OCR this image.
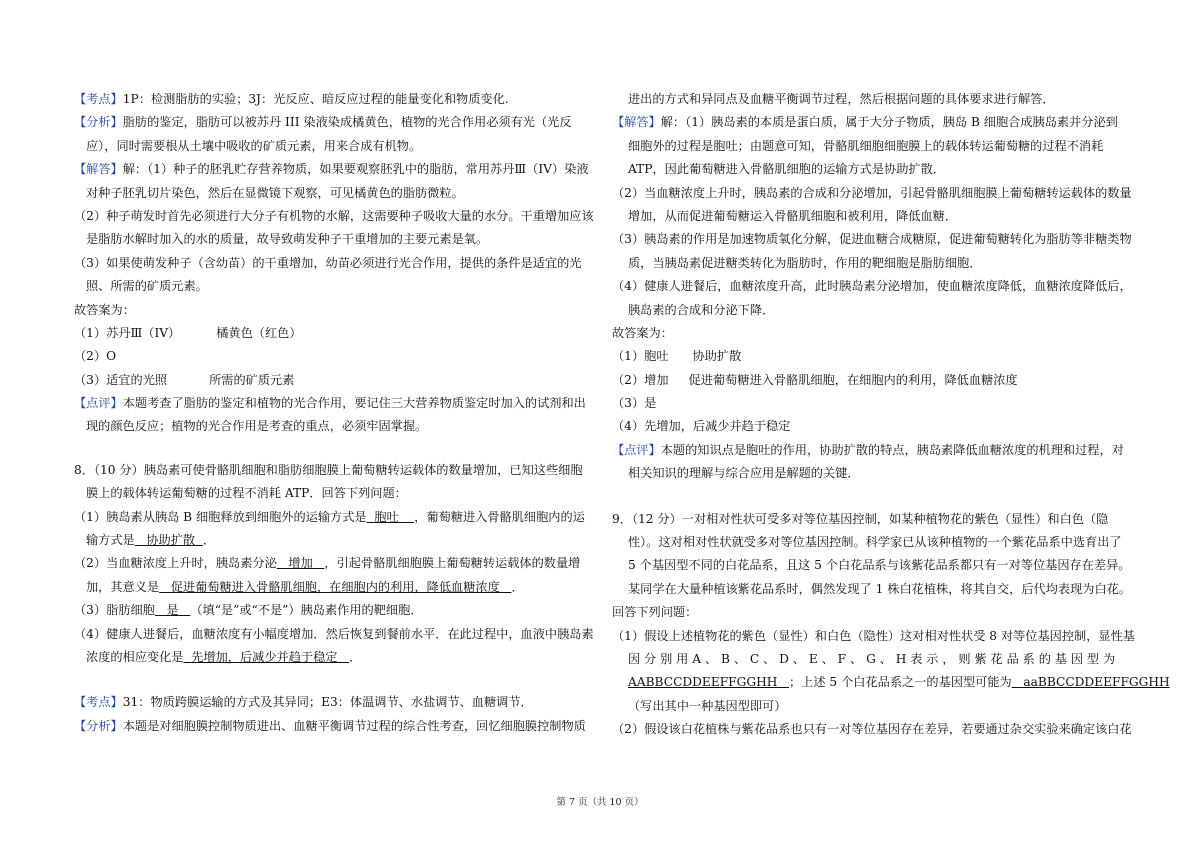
【考点】1P：检测脂肪的实验；3J：光反应、暗反应过程的能量变化和物质变化.
【分析】脂肪的鉴定，脂肪可以被苏丹 III 染液染成橘黄色，植物的光合作用必须有光（光反
应），同时需要根从土壤中吸收的矿质元素，用来合成有机物。
【解答】解：（1）种子的胚乳贮存营养物质，如果要观察胚乳中的脂肪，常用苏丹Ⅲ（IV）染液
对种子胚乳切片染色，然后在显微镜下观察，可见橘黄色的脂肪微粒。
（2）种子萌发时首先必须进行大分子有机物的水解，这需要种子吸收大量的水分。干重增加应该
是脂肪水解时加入的水的质量，故导致萌发种子干重增加的主要元素是氧。
（3）如果使萌发种子（含幼苗）的干重增加，幼苗必须进行光合作用，提供的条件是适宜的光
照、所需的矿质元素。
故答案为：
（1）苏丹Ⅲ（IV）	橘黄色（红色）
（2）O
（3）适宜的光照	所需的矿质元素
【点评】本题考查了脂肪的鉴定和植物的光合作用，要记住三大营养物质鉴定时加入的试剂和出
现的颜色反应；植物的光合作用是考查的重点，必须牢固掌握。
8．（10 分）胰岛素可使骨骼肌细胞和脂肪细胞膜上葡萄糖转运载体的数量增加，已知这些细胞
膜上的载体转运葡萄糖的过程不消耗 ATP．回答下列问题：
（1）胰岛素从胰岛 B 细胞释放到细胞外的运输方式是 胞吐 ，葡萄糖进入骨骼肌细胞内的运
输方式是 协助扩散 ．
（2）当血糖浓度上升时，胰岛素分泌 增加 ，引起骨骼肌细胞膜上葡萄糖转运载体的数量增
加，其意义是 促进葡萄糖进入骨骼肌细胞，在细胞内的利用，降低血糖浓度 ．
（3）脂肪细胞 是 （填“是”或“不是”）胰岛素作用的靶细胞．
（4）健康人进餐后，血糖浓度有小幅度增加．然后恢复到餐前水平．在此过程中，血液中胰岛素
浓度的相应变化是 先增加，后减少并趋于稳定 ．
【考点】31：物质跨膜运输的方式及其异同；E3：体温调节、水盐调节、血糖调节．
【分析】本题是对细胞膜控制物质进出、血糖平衡调节过程的综合性考查，回忆细胞膜控制物质
进出的方式和异同点及血糖平衡调节过程，然后根据问题的具体要求进行解答．
【解答】解：（1）胰岛素的本质是蛋白质，属于大分子物质，胰岛 B 细胞合成胰岛素并分泌到
细胞外的过程是胞吐；由题意可知，骨骼肌细胞细胞膜上的载体转运葡萄糖的过程不消耗
ATP，因此葡萄糖进入骨骼肌细胞的运输方式是协助扩散．
（2）当血糖浓度上升时，胰岛素的合成和分泌增加，引起骨骼肌细胞膜上葡萄糖转运载体的数量
增加，从而促进葡萄糖运入骨骼肌细胞和被利用，降低血糖．
（3）胰岛素的作用是加速物质氧化分解，促进血糖合成糖原，促进葡萄糖转化为脂肪等非糖类物
质，当胰岛素促进糖类转化为脂肪时，作用的靶细胞是脂肪细胞．
（4）健康人进餐后，血糖浓度升高，此时胰岛素分泌增加，使血糖浓度降低，血糖浓度降低后，
胰岛素的合成和分泌下降．
故答案为：
（1）胞吐 协助扩散
（2）增加 促进葡萄糖进入骨骼肌细胞，在细胞内的利用，降低血糖浓度
（3）是
（4）先增加，后减少并趋于稳定
【点评】本题的知识点是胞吐的作用，协助扩散的特点，胰岛素降低血糖浓度的机理和过程，对
相关知识的理解与综合应用是解题的关键．
9．（12 分）一对相对性状可受多对等位基因控制，如某种植物花的紫色（显性）和白色（隐
性）。这对相对性状就受多对等位基因控制。科学家已从该种植物的一个紫花品系中选育出了
5 个基因型不同的白花品系，且这 5 个白花品系与该紫花品系都只有一对等位基因存在差异。
某同学在大量种植该紫花品系时，偶然发现了 1 株白花植株，将其自交，后代均表现为白花。
回答下列问题：
（1）假设上述植物花的紫色（显性）和白色（隐性）这对相对性状受 8 对等位基因控制，显性基
因 分 别 用 A 、 B 、 C 、 D 、 E 、 F 、 G 、 H 表 示 ， 则 紫 花 品 系 的 基 因 型 为
AABBCCDDEEFFGGHH ；上述 5 个白花品系之一的基因型可能为 aaBBCCDDEEFFGGHH
（写出其中一种基因型即可）
（2）假设该白花植株与紫花品系也只有一对等位基因存在差异，若要通过杂交实验来确定该白花
第 7 页（共 10 页）
